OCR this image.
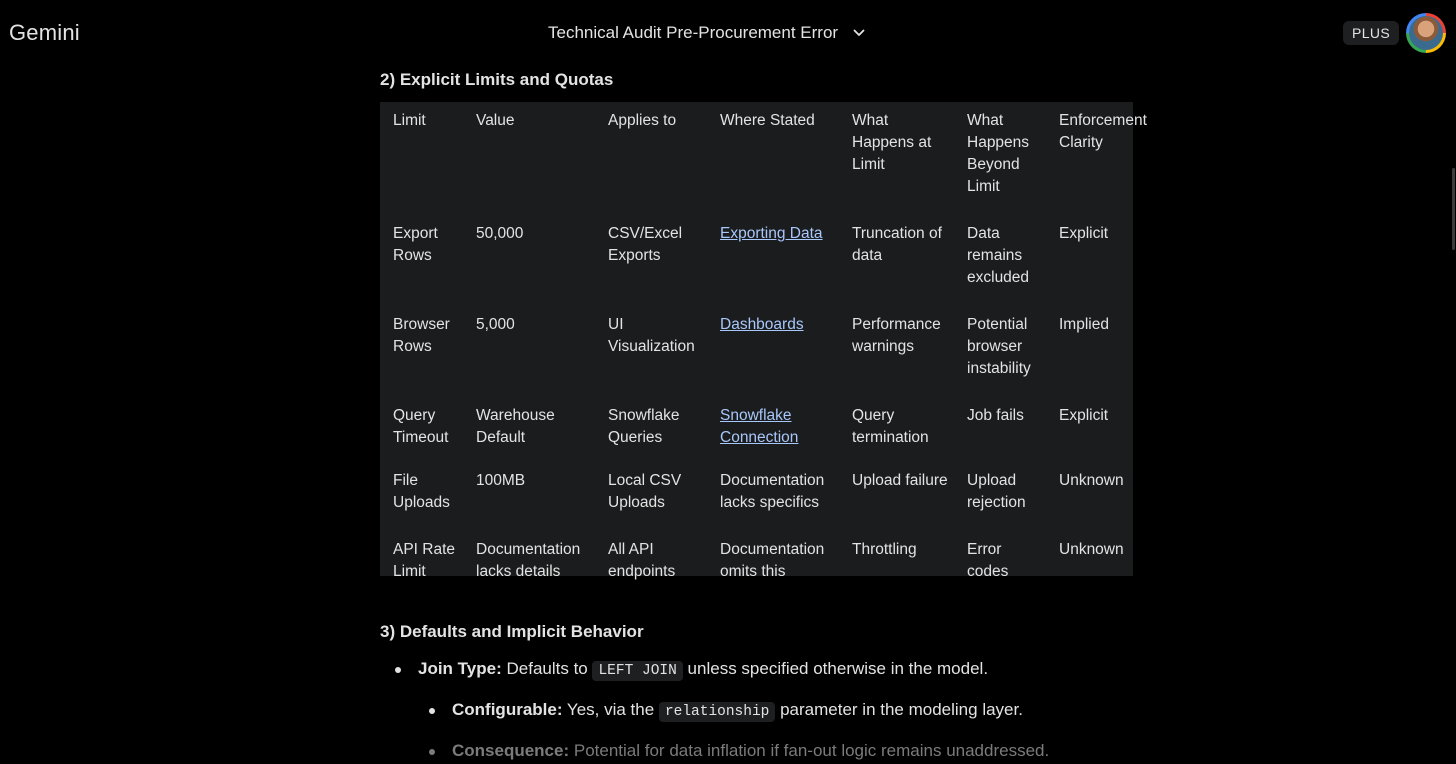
Gemini	Technical Audit Pre-Procurement Error	PLUS
2) Explicit Limits and Quotas
Limit	Value	Applies to	Where Stated	What Happens at Limit	What Happens Beyond Limit	Enforcement Clarity
Export Rows	50,000	CSV/Excel Exports	Exporting Data	Truncation of data	Data remains excluded	Explicit
Browser Rows	5,000	UI Visualization	Dashboards	Performance warnings	Potential browser instability	Implied
Query Timeout	Warehouse Default	Snowflake Queries	Snowflake Connection	Query termination	Job fails	Explicit
File Uploads	100MB	Local CSV Uploads	Documentation lacks specifics	Upload failure	Upload rejection	Unknown
API Rate Limit	Documentation lacks details	All API endpoints	Documentation omits this	Throttling	Error codes	Unknown
3) Defaults and Implicit Behavior
Join Type: Defaults to LEFT JOIN unless specified otherwise in the model.
Configurable: Yes, via the relationship parameter in the modeling layer.
Consequence: Potential for data inflation if fan-out logic remains unaddressed.
